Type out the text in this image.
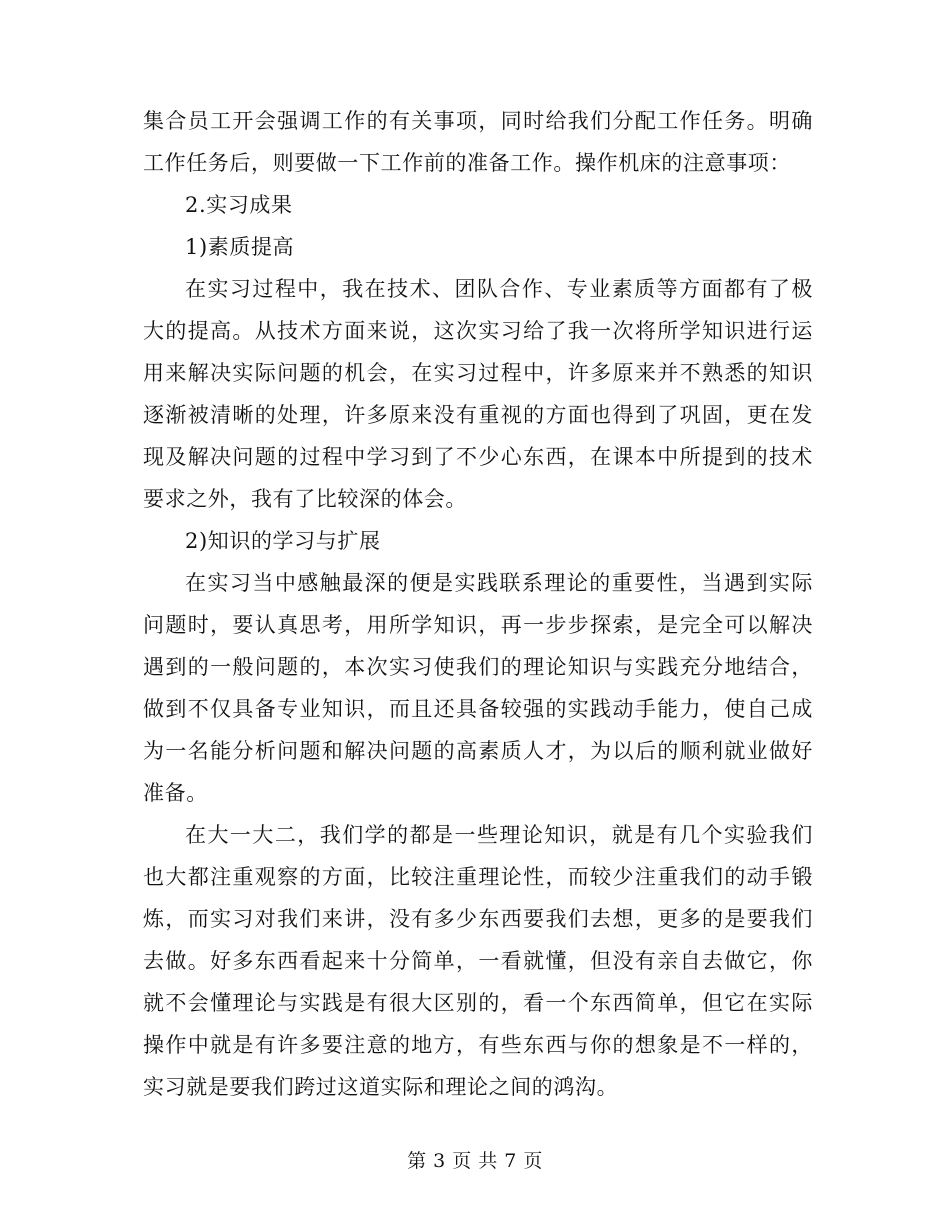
集合员工开会强调工作的有关事项，同时给我们分配工作任务。明确
工作任务后，则要做一下工作前的准备工作。操作机床的注意事项：
2.实习成果
1)素质提高
在实习过程中，我在技术、团队合作、专业素质等方面都有了极
大的提高。从技术方面来说，这次实习给了我一次将所学知识进行运
用来解决实际问题的机会，在实习过程中，许多原来并不熟悉的知识
逐渐被清晰的处理，许多原来没有重视的方面也得到了巩固，更在发
现及解决问题的过程中学习到了不少心东西，在课本中所提到的技术
要求之外，我有了比较深的体会。
2)知识的学习与扩展
在实习当中感触最深的便是实践联系理论的重要性，当遇到实际
问题时，要认真思考，用所学知识，再一步步探索，是完全可以解决
遇到的一般问题的，本次实习使我们的理论知识与实践充分地结合，
做到不仅具备专业知识，而且还具备较强的实践动手能力，使自己成
为一名能分析问题和解决问题的高素质人才，为以后的顺利就业做好
准备。
在大一大二，我们学的都是一些理论知识，就是有几个实验我们
也大都注重观察的方面，比较注重理论性，而较少注重我们的动手锻
炼，而实习对我们来讲，没有多少东西要我们去想，更多的是要我们
去做。好多东西看起来十分简单，一看就懂，但没有亲自去做它，你
就不会懂理论与实践是有很大区别的，看一个东西简单，但它在实际
操作中就是有许多要注意的地方，有些东西与你的想象是不一样的，
实习就是要我们跨过这道实际和理论之间的鸿沟。
第 3 页 共 7 页
